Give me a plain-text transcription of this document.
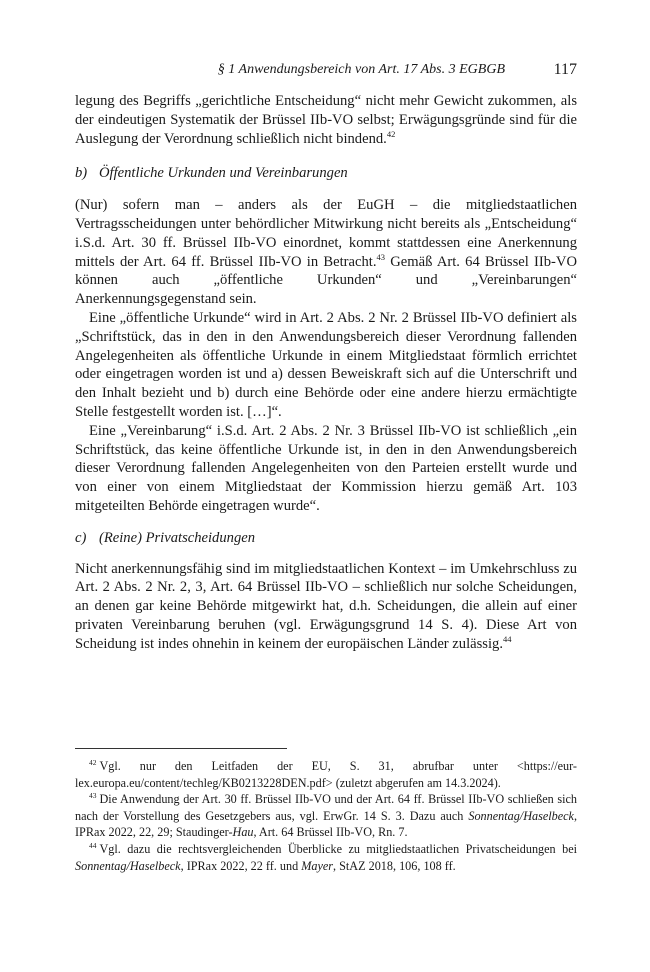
§ 1 Anwendungsbereich von Art. 17 Abs. 3 EGBGB	117

legung des Begriffs „gerichtliche Entscheidung“ nicht mehr Gewicht zukommen, als der eindeutigen Systematik der Brüssel IIb-VO selbst; Erwägungsgründe sind für die Auslegung der Verordnung schließlich nicht bindend.$^{42}$

b) Öffentliche Urkunden und Vereinbarungen

(Nur) sofern man – anders als der EuGH – die mitgliedstaatlichen Vertragsscheidungen unter behördlicher Mitwirkung nicht bereits als „Entscheidung“ i.S.d. Art. 30 ff. Brüssel IIb-VO einordnet, kommt stattdessen eine Anerkennung mittels der Art. 64 ff. Brüssel IIb-VO in Betracht.$^{43}$ Gemäß Art. 64 Brüssel IIb-VO können auch „öffentliche Urkunden“ und „Vereinbarungen“ Anerkennungsgegenstand sein.

Eine „öffentliche Urkunde“ wird in Art. 2 Abs. 2 Nr. 2 Brüssel IIb-VO definiert als „Schriftstück, das in den in den Anwendungsbereich dieser Verordnung fallenden Angelegenheiten als öffentliche Urkunde in einem Mitgliedstaat förmlich errichtet oder eingetragen worden ist und a) dessen Beweiskraft sich auf die Unterschrift und den Inhalt bezieht und b) durch eine Behörde oder eine andere hierzu ermächtigte Stelle festgestellt worden ist. […]“.

Eine „Vereinbarung“ i.S.d. Art. 2 Abs. 2 Nr. 3 Brüssel IIb-VO ist schließlich „ein Schriftstück, das keine öffentliche Urkunde ist, in den in den Anwendungsbereich dieser Verordnung fallenden Angelegenheiten von den Parteien erstellt wurde und von einer von einem Mitgliedstaat der Kommission hierzu gemäß Art. 103 mitgeteilten Behörde eingetragen wurde“.

c) (Reine) Privatscheidungen

Nicht anerkennungsfähig sind im mitgliedstaatlichen Kontext – im Umkehrschluss zu Art. 2 Abs. 2 Nr. 2, 3, Art. 64 Brüssel IIb-VO – schließlich nur solche Scheidungen, an denen gar keine Behörde mitgewirkt hat, d.h. Scheidungen, die allein auf einer privaten Vereinbarung beruhen (vgl. Erwägungsgrund 14 S. 4). Diese Art von Scheidung ist indes ohnehin in keinem der europäischen Länder zulässig.$^{44}$

$^{42}$ Vgl. nur den Leitfaden der EU, S. 31, abrufbar unter <https://eur-lex.europa.eu/content/techleg/KB0213228DEN.pdf> (zuletzt abgerufen am 14.3.2024).

$^{43}$ Die Anwendung der Art. 30 ff. Brüssel IIb-VO und der Art. 64 ff. Brüssel IIb-VO schließen sich nach der Vorstellung des Gesetzgebers aus, vgl. ErwGr. 14 S. 3. Dazu auch Sonnentag/Haselbeck, IPRax 2022, 22, 29; Staudinger-Hau, Art. 64 Brüssel IIb-VO, Rn. 7.

$^{44}$ Vgl. dazu die rechtsvergleichenden Überblicke zu mitgliedstaatlichen Privatscheidungen bei Sonnentag/Haselbeck, IPRax 2022, 22 ff. und Mayer, StAZ 2018, 106, 108 ff.
